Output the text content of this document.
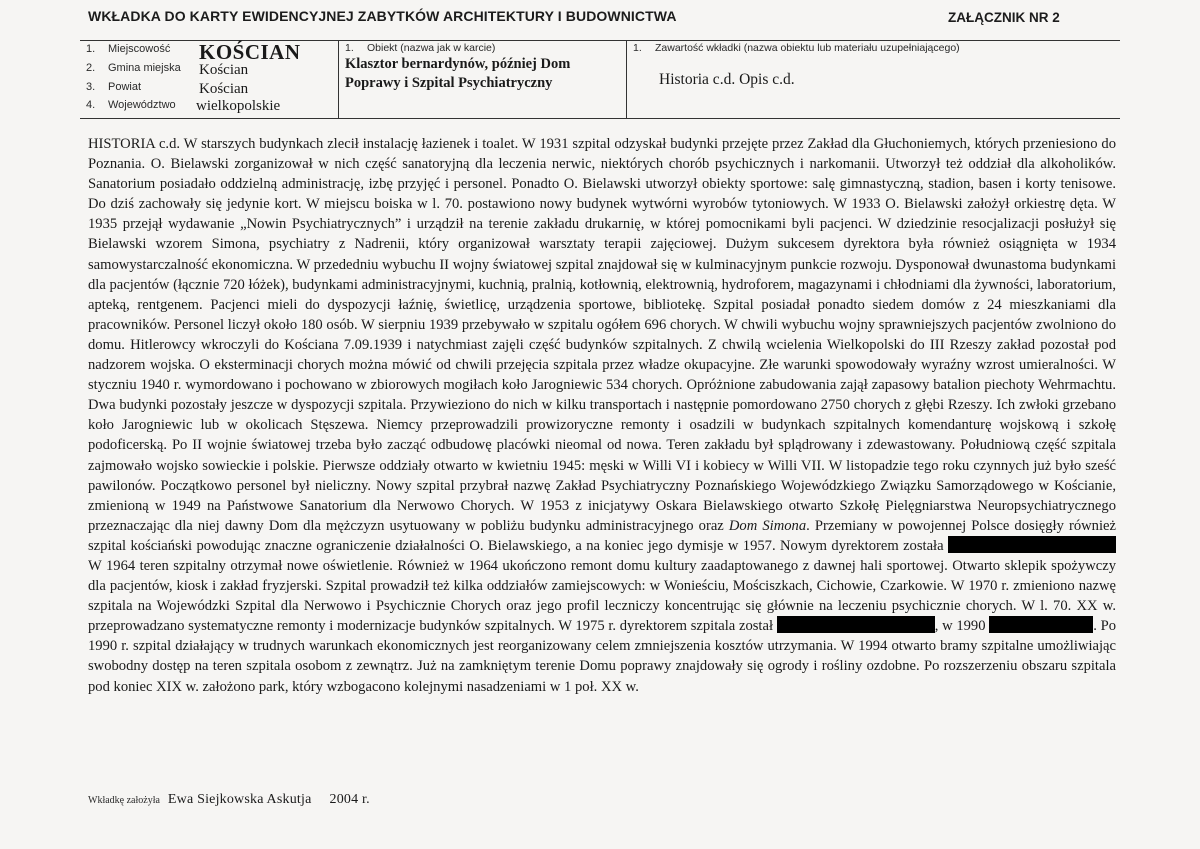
WKŁADKA DO KARTY EWIDENCYJNEJ ZABYTKÓW ARCHITEKTURY I BUDOWNICTWA	ZAŁĄCZNIK NR 2
1.	Miejscowość KOŚCIAN
2.	Gmina miejska Kościan
3.	Powiat	Kościan
4.	Województwo wielkopolskie
1. Obiekt (nazwa jak w karcie)
Klasztor bernardynów, później Dom Poprawy i Szpital Psychiatryczny
1. Zawartość wkładki (nazwa obiektu lub materiału uzupełniającego)
Historia c.d. Opis c.d.
HISTORIA c.d. W starszych budynkach zlecił instalację łazienek i toalet. W 1931 szpital odzyskał budynki przejęte przez Zakład dla Głuchoniemych, których przeniesiono do Poznania. O. Bielawski zorganizował w nich część sanatoryjną dla leczenia nerwic, niektórych chorób psychicznych i narkomanii. Utworzył też oddział dla alkoholików. Sanatorium posiadało oddzielną administrację, izbę przyjęć i personel. Ponadto O. Bielawski utworzył obiekty sportowe: salę gimnastyczną, stadion, basen i korty tenisowe. Do dziś zachowały się jedynie kort. W miejscu boiska w l. 70. postawiono nowy budynek wytwórni wyrobów tytoniowych. W 1933 O. Bielawski założył orkiestrę dęta. W 1935 przejął wydawanie „Nowin Psychiatrycznych” i urządził na terenie zakładu drukarnię, w której pomocnikami byli pacjenci. W dziedzinie resocjalizacji posłużył się Bielawski wzorem Simona, psychiatry z Nadrenii, który organizował warsztaty terapii zajęciowej. Dużym sukcesem dyrektora była również osiągnięta w 1934 samowystarczalność ekonomiczna. W przededniu wybuchu II wojny światowej szpital znajdował się w kulminacyjnym punkcie rozwoju. Dysponował dwunastoma budynkami dla pacjentów (łącznie 720 łóżek), budynkami administracyjnymi, kuchnią, pralnią, kotłownią, elektrownią, hydroforem, magazynami i chłodniami dla żywności, laboratorium, apteką, rentgenem. Pacjenci mieli do dyspozycji łaźnię, świetlicę, urządzenia sportowe, bibliotekę. Szpital posiadał ponadto siedem domów z 24 mieszkaniami dla pracowników. Personel liczył około 180 osób. W sierpniu 1939 przebywało w szpitalu ogółem 696 chorych. W chwili wybuchu wojny sprawniejszych pacjentów zwolniono do domu. Hitlerowcy wkroczyli do Kościana 7.09.1939 i natychmiast zajęli część budynków szpitalnych. Z chwilą wcielenia Wielkopolski do III Rzeszy zakład pozostał pod nadzorem wojska. O eksterminacji chorych można mówić od chwili przejęcia szpitala przez władze okupacyjne. Złe warunki spowodowały wyraźny wzrost umieralności. W styczniu 1940 r. wymordowano i pochowano w zbiorowych mogiłach koło Jarogniewic 534 chorych. Opróżnione zabudowania zajął zapasowy batalion piechoty Wehrmachtu. Dwa budynki pozostały jeszcze w dyspozycji szpitala. Przywieziono do nich w kilku transportach i następnie pomordowano 2750 chorych z głębi Rzeszy. Ich zwłoki grzebano koło Jarogniewic lub w okolicach Stęszewa. Niemcy przeprowadzili prowizoryczne remonty i osadzili w budynkach szpitalnych komendanturę wojskową i szkołę podoficerską. Po II wojnie światowej trzeba było zacząć odbudowę placówki nieomal od nowa. Teren zakładu był splądrowany i zdewastowany. Południową część szpitala zajmowało wojsko sowieckie i polskie. Pierwsze oddziały otwarto w kwietniu 1945: męski w Willi VI i kobiecy w Willi VII. W listopadzie tego roku czynnych już było sześć pawilonów. Początkowo personel był nieliczny. Nowy szpital przybrał nazwę Zakład Psychiatryczny Poznańskiego Wojewódzkiego Związku Samorządowego w Kościanie, zmienioną w 1949 na Państwowe Sanatorium dla Nerwowo Chorych. W 1953 z inicjatywy Oskara Bielawskiego otwarto Szkołę Pielęgniarstwa Neuropsychiatrycznego przeznaczając dla niej dawny Dom dla mężczyzn usytuowany w pobliżu budynku administracyjnego oraz Dom Simona. Przemiany w powojennej Polsce dosięgły również szpital kościański powodując znaczne ograniczenie działalności O. Bielawskiego, a na koniec jego dymisje w 1957. Nowym dyrektorem została  W 1964 teren szpitalny otrzymał nowe oświetlenie. Również w 1964 ukończono remont domu kultury zaadaptowanego z dawnej hali sportowej. Otwarto sklepik spożywczy dla pacjentów, kiosk i zakład fryzjerski. Szpital prowadził też kilka oddziałów zamiejscowych: w Wonieściu, Mościszkach, Cichowie, Czarkowie. W 1970 r. zmieniono nazwę szpitala na Wojewódzki Szpital dla Nerwowo i Psychicznie Chorych oraz jego profil leczniczy koncentrując się głównie na leczeniu psychicznie chorych. W l. 70. XX w. przeprowadzano systematyczne remonty i modernizacje budynków szpitalnych. W 1975 r. dyrektorem szpitala został	, w 1990	. Po 1990 r. szpital działający w trudnych warunkach ekonomicznych jest reorganizowany celem zmniejszenia kosztów utrzymania. W 1994 otwarto bramy szpitalne umożliwiając swobodny dostęp na teren szpitala osobom z zewnątrz. Już na zamkniętym terenie Domu poprawy znajdowały się ogrody i rośliny ozdobne. Po rozszerzeniu obszaru szpitala pod koniec XIX w. założono park, który wzbogacono kolejnymi nasadzeniami w 1 poł. XX w.
Wkładkę założyła Ewa Siejkowska Askutja 2004 r.
